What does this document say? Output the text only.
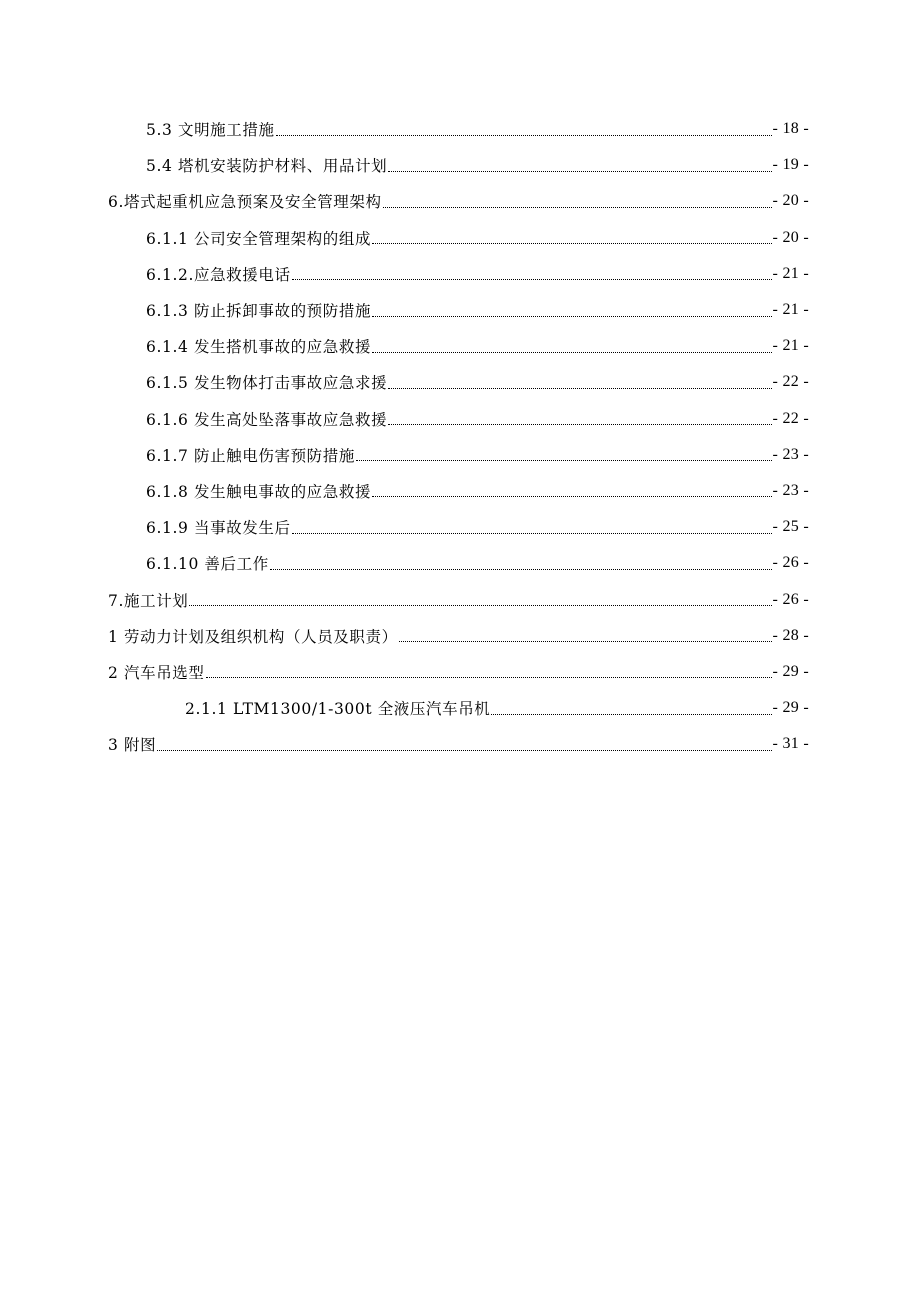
5.3 文明施工措施	- 18 -
5.4 塔机安装防护材料、用品计划	- 19 -
6.塔式起重机应急预案及安全管理架构	- 20 -
6.1.1 公司安全管理架构的组成	- 20 -
6.1.2.应急救援电话	- 21 -
6.1.3 防止拆卸事故的预防措施	- 21 -
6.1.4 发生搭机事故的应急救援	- 21 -
6.1.5 发生物体打击事故应急求援	- 22 -
6.1.6 发生高处坠落事故应急救援	- 22 -
6.1.7 防止触电伤害预防措施	- 23 -
6.1.8 发生触电事故的应急救援	- 23 -
6.1.9 当事故发生后	- 25 -
6.1.10 善后工作	- 26 -
7.施工计划	- 26 -
1 劳动力计划及组织机构（人员及职责）	- 28 -
2 汽车吊选型	- 29 -
2.1.1 LTM1300/1-300t 全液压汽车吊机	- 29 -
3 附图	- 31 -
